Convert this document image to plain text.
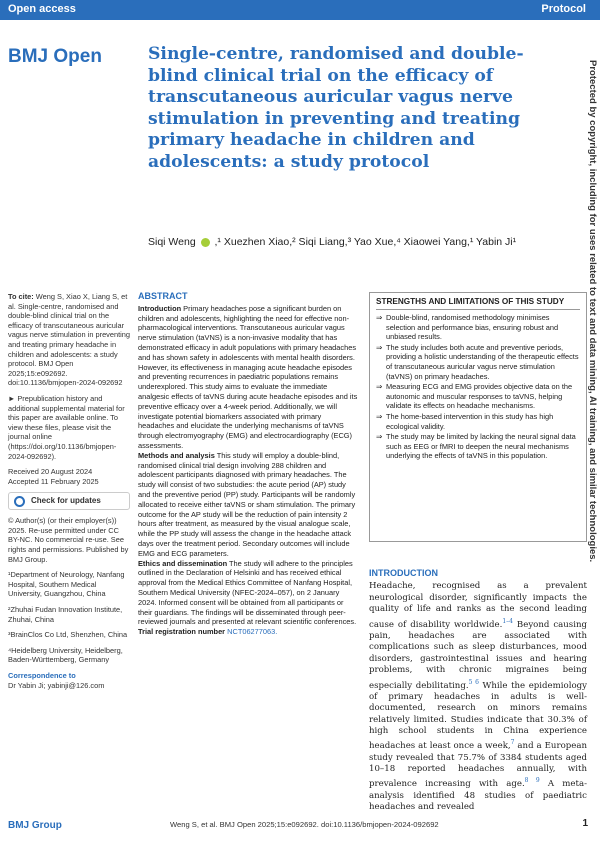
Open access	Protocol
BMJ Open	Single-centre, randomised and double-blind clinical trial on the efficacy of transcutaneous auricular vagus nerve stimulation in preventing and treating primary headache in children and adolescents: a study protocol
Siqi Weng ,¹ Xuezhen Xiao,² Siqi Liang,³ Yao Xue,⁴ Xiaowei Yang,¹ Yabin Ji¹	Protected by copyright, including for uses related to text and data mining, AI training, and similar technologies.

To cite: Weng S, Xiao X, Liang S, et al. Single-centre, randomised and double-blind clinical trial on the efficacy of transcutaneous auricular vagus nerve stimulation in preventing and treating primary headache in children and adolescents: a study protocol. BMJ Open 2025;15:e092692. doi:10.1136/bmjopen-2024-092692

► Prepublication history and additional supplemental material for this paper are available online. To view these files, please visit the journal online (https://doi.org/10.1136/bmjopen-2024-092692).

Received 20 August 2024
Accepted 11 February 2025

Check for updates

© Author(s) (or their employer(s)) 2025. Re-use permitted under CC BY-NC. No commercial re-use. See rights and permissions. Published by BMJ Group.

¹Department of Neurology, Nanfang Hospital, Southern Medical University, Guangzhou, China

²Zhuhai Fudan Innovation Institute, Zhuhai, China

³BrainClos Co Ltd, Shenzhen, China

⁴Heidelberg University, Heidelberg, Baden-Württemberg, Germany

Correspondence to
Dr Yabin Ji; yabinji@126.com

ABSTRACT

Introduction Primary headaches pose a significant burden on children and adolescents, highlighting the need for effective non-pharmacological interventions. Transcutaneous auricular vagus nerve stimulation (taVNS) is a non-invasive modality that has demonstrated efficacy in adult populations with primary headaches and has shown safety in adolescents with mental health disorders. However, its effectiveness in managing acute headache episodes and preventing recurrences in paediatric populations remains underexplored. This study aims to evaluate the immediate analgesic effects of taVNS during acute headache episodes and its preventive efficacy over a 4-week period. Additionally, we will investigate potential biomarkers associated with primary headaches and elucidate the underlying mechanisms of taVNS through electromyography (EMG) and electrocardiography (ECG) assessments.

Methods and analysis This study will employ a double-blind, randomised clinical trial design involving 288 children and adolescent participants diagnosed with primary headaches. The study will consist of two substudies: the acute period (AP) study and the preventive period (PP) study. Participants will be randomly allocated to receive either taVNS or sham stimulation. The primary outcome for the AP study will be the reduction of pain intensity 2 hours after treatment, as measured by the visual analogue scale, while the PP study will assess the change in the headache attack days over the treatment period. Secondary outcomes will include EMG and ECG parameters.

Ethics and dissemination The study will adhere to the principles outlined in the Declaration of Helsinki and has received ethical approval from the Medical Ethics Committee of Nanfang Hospital, Southern Medical University (NFEC-2024–057), on 2 January 2024. Informed consent will be obtained from all participants or their guardians. The findings will be disseminated through peer-reviewed journals and presented at relevant scientific conferences.

Trial registration number NCT06277063.

STRENGTHS AND LIMITATIONS OF THIS STUDY
⇒ Double-blind, randomised methodology minimises selection and performance bias, ensuring robust and unbiased results.
⇒ The study includes both acute and preventive periods, providing a holistic understanding of the therapeutic effects of transcutaneous auricular vagus nerve stimulation (taVNS) on primary headaches.
⇒ Measuring ECG and EMG provides objective data on the autonomic and muscular responses to taVNS, helping validate its effects on headache mechanisms.
⇒ The home-based intervention in this study has high ecological validity.
⇒ The study may be limited by lacking the neural signal data such as EEG or fMRI to deepen the neural mechanisms underlying the effects of taVNS in this population.
INTRODUCTION

Headache, recognised as a prevalent neurological disorder, significantly impacts the quality of life and ranks as the second leading cause of disability worldwide.$^{1-4}$ Beyond causing pain, headaches are associated with complications such as sleep disturbances, mood disorders, gastrointestinal issues and hearing problems, with chronic migraines being especially debilitating.$^{5 6}$ While the epidemiology of primary headaches in adults is well-documented, research on minors remains relatively limited. Studies indicate that 30.3% of high school students in China experience headaches at least once a week,$^7$ and a European study revealed that 75.7% of 3384 students aged 10–18 reported headaches annually, with prevalence increasing with age.$^{8 9}$ A meta-analysis identified 48 studies of paediatric headaches and revealed

BMJ Group	Weng S, et al. BMJ Open 2025;15:e092692. doi:10.1136/bmjopen-2024-092692	1
